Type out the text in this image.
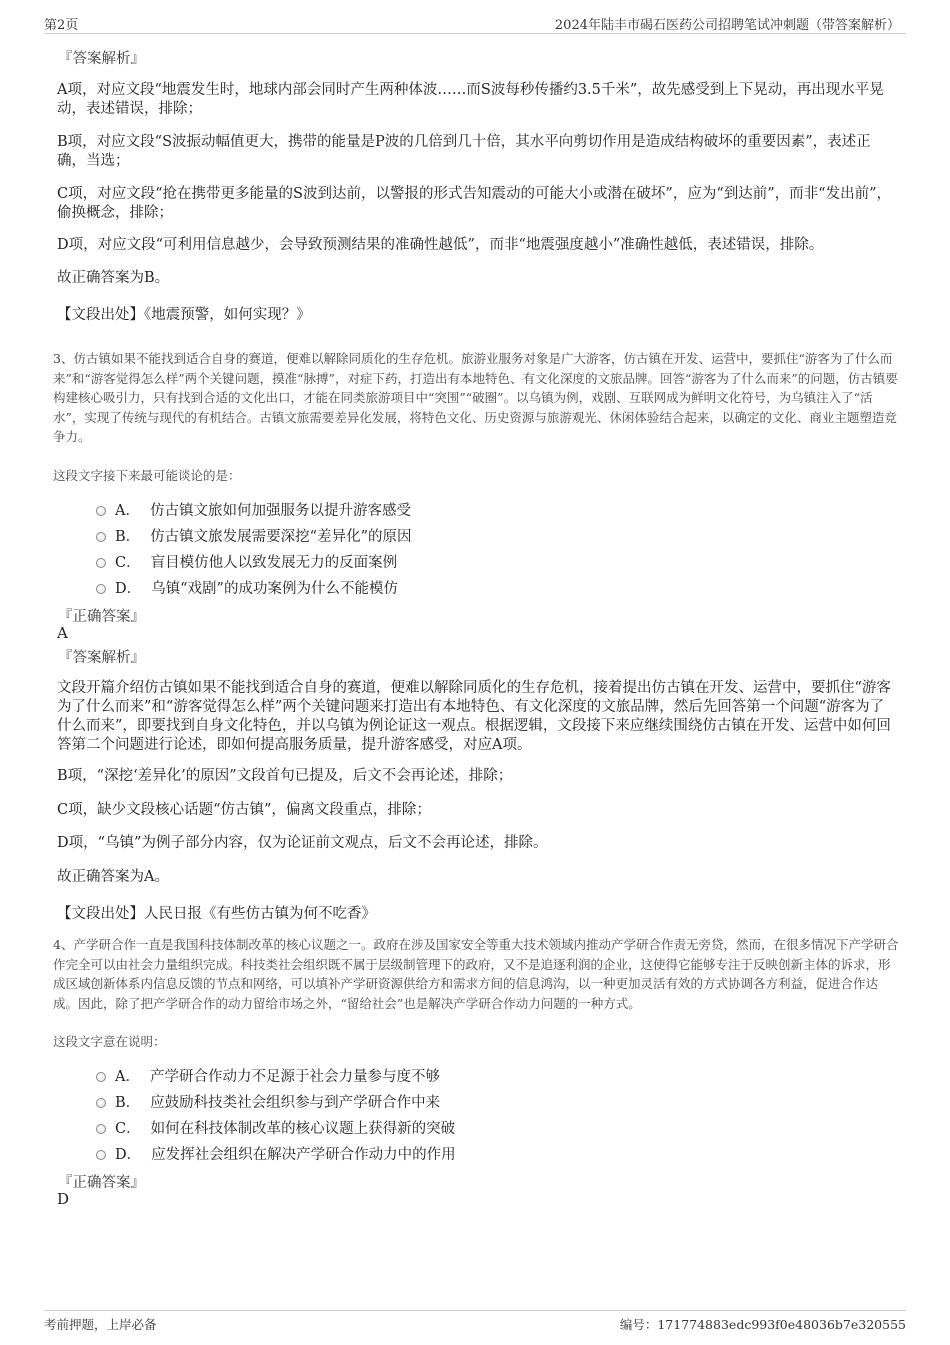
第2页	2024年陆丰市碣石医药公司招聘笔试冲刺题（带答案解析）
『答案解析』
A项，对应文段“地震发生时，地球内部会同时产生两种体波……而S波每秒传播约3.5千米”，故先感受到上下晃动，再出现水平晃动，表述错误，排除；
B项，对应文段“S波振动幅值更大，携带的能量是P波的几倍到几十倍，其水平向剪切作用是造成结构破坏的重要因素”，表述正确，当选；
C项，对应文段“抢在携带更多能量的S波到达前，以警报的形式告知震动的可能大小或潜在破坏”，应为“到达前”，而非“发出前”，偷换概念，排除；
D项，对应文段“可利用信息越少，会导致预测结果的准确性越低”，而非“地震强度越小”准确性越低，表述错误，排除。
故正确答案为B。
【文段出处】《地震预警，如何实现？》
3、仿古镇如果不能找到适合自身的赛道，便难以解除同质化的生存危机。旅游业服务对象是广大游客，仿古镇在开发、运营中，要抓住“游客为了什么而来”和“游客觉得怎么样”两个关键问题，摸准“脉搏”，对症下药，打造出有本地特色、有文化深度的文旅品牌。回答“游客为了什么而来”的问题，仿古镇要构建核心吸引力，只有找到合适的文化出口，才能在同类旅游项目中“突围”“破圈”。以乌镇为例，戏剧、互联网成为鲜明文化符号，为乌镇注入了“活水”，实现了传统与现代的有机结合。古镇文旅需要差异化发展，将特色文化、历史资源与旅游观光、休闲体验结合起来，以确定的文化、商业主题塑造竞争力。
这段文字接下来最可能谈论的是：
A． 仿古镇文旅如何加强服务以提升游客感受
B． 仿古镇文旅发展需要深挖“差异化”的原因
C． 盲目模仿他人以致发展无力的反面案例
D． 乌镇“戏剧”的成功案例为什么不能模仿
『正确答案』
A
『答案解析』
文段开篇介绍仿古镇如果不能找到适合自身的赛道，便难以解除同质化的生存危机，接着提出仿古镇在开发、运营中，要抓住“游客为了什么而来”和“游客觉得怎么样”两个关键问题来打造出有本地特色、有文化深度的文旅品牌，然后先回答第一个问题“游客为了什么而来”，即要找到自身文化特色，并以乌镇为例论证这一观点。根据逻辑，文段接下来应继续围绕仿古镇在开发、运营中如何回答第二个问题进行论述，即如何提高服务质量，提升游客感受，对应A项。
B项，“深挖‘差异化’的原因”文段首句已提及，后文不会再论述，排除；
C项，缺少文段核心话题“仿古镇”，偏离文段重点，排除；
D项，“乌镇”为例子部分内容，仅为论证前文观点，后文不会再论述，排除。
故正确答案为A。
【文段出处】人民日报《有些仿古镇为何不吃香》
4、产学研合作一直是我国科技体制改革的核心议题之一。政府在涉及国家安全等重大技术领域内推动产学研合作责无旁贷，然而，在很多情况下产学研合作完全可以由社会力量组织完成。科技类社会组织既不属于层级制管理下的政府，又不是追逐利润的企业，这使得它能够专注于反映创新主体的诉求，形成区域创新体系内信息反馈的节点和网络，可以填补产学研资源供给方和需求方间的信息鸿沟，以一种更加灵活有效的方式协调各方利益，促进合作达成。因此，除了把产学研合作的动力留给市场之外，“留给社会”也是解决产学研合作动力问题的一种方式。
这段文字意在说明：
A． 产学研合作动力不足源于社会力量参与度不够
B． 应鼓励科技类社会组织参与到产学研合作中来
C． 如何在科技体制改革的核心议题上获得新的突破
D． 应发挥社会组织在解决产学研合作动力中的作用
『正确答案』
D
考前押题，上岸必备	编号：171774883edc993f0e48036b7e320555
